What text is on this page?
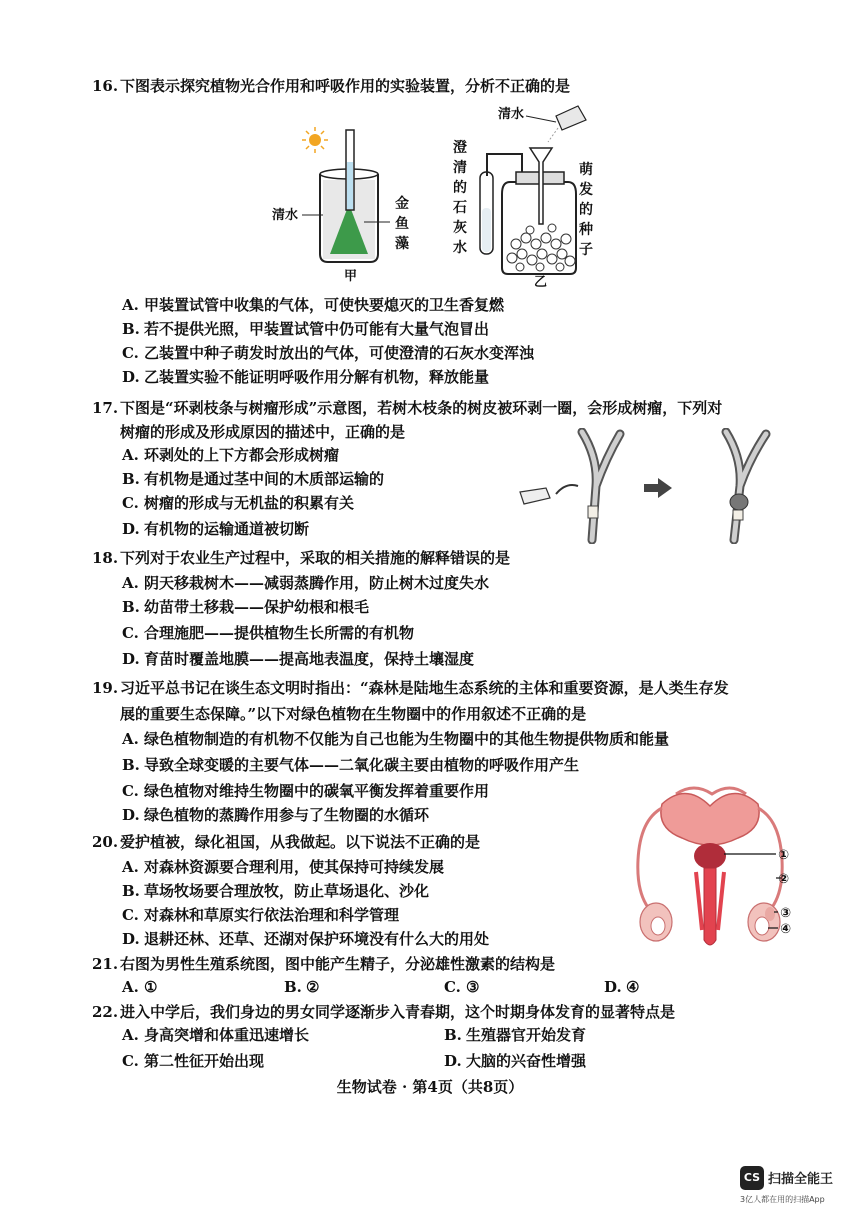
16. 下图表示探究植物光合作用和呼吸作用的实验装置，分析不正确的是
清水
甲
金鱼藻
清水
乙
澄清的石灰水
萌发的种子
A. 甲装置试管中收集的气体，可使快要熄灭的卫生香复燃
B. 若不提供光照，甲装置试管中仍可能有大量气泡冒出
C. 乙装置中种子萌发时放出的气体，可使澄清的石灰水变浑浊
D. 乙装置实验不能证明呼吸作用分解有机物，释放能量
17. 下图是“环剥枝条与树瘤形成”示意图，若树木枝条的树皮被环剥一圈，会形成树瘤，下列对
树瘤的形成及形成原因的描述中，正确的是
A. 环剥处的上下方都会形成树瘤
B. 有机物是通过茎中间的木质部运输的
C. 树瘤的形成与无机盐的积累有关
D. 有机物的运输通道被切断
18. 下列对于农业生产过程中，采取的相关措施的解释错误的是
A. 阴天移栽树木——减弱蒸腾作用，防止树木过度失水
B. 幼苗带土移栽——保护幼根和根毛
C. 合理施肥——提供植物生长所需的有机物
D. 育苗时覆盖地膜——提高地表温度，保持土壤湿度
19. 习近平总书记在谈生态文明时指出：“森林是陆地生态系统的主体和重要资源，是人类生存发
展的重要生态保障。”以下对绿色植物在生物圈中的作用叙述不正确的是
A. 绿色植物制造的有机物不仅能为自己也能为生物圈中的其他生物提供物质和能量
B. 导致全球变暖的主要气体——二氧化碳主要由植物的呼吸作用产生
C. 绿色植物对维持生物圈中的碳氧平衡发挥着重要作用
D. 绿色植物的蒸腾作用参与了生物圈的水循环
①
②
③
④
20. 爱护植被，绿化祖国，从我做起。以下说法不正确的是
A. 对森林资源要合理利用，使其保持可持续发展
B. 草场牧场要合理放牧，防止草场退化、沙化
C. 对森林和草原实行依法治理和科学管理
D. 退耕还林、还草、还湖对保护环境没有什么大的用处
21. 右图为男性生殖系统图，图中能产生精子，分泌雄性激素的结构是
A. ①	B. ②	C. ③	D. ④
22. 进入中学后，我们身边的男女同学逐渐步入青春期，这个时期身体发育的显著特点是
A. 身高突增和体重迅速增长	B. 生殖器官开始发育
C. 第二性征开始出现	D. 大脑的兴奋性增强
生物试卷 · 第4页（共8页）
CS 扫描全能王
3亿人都在用的扫描App
